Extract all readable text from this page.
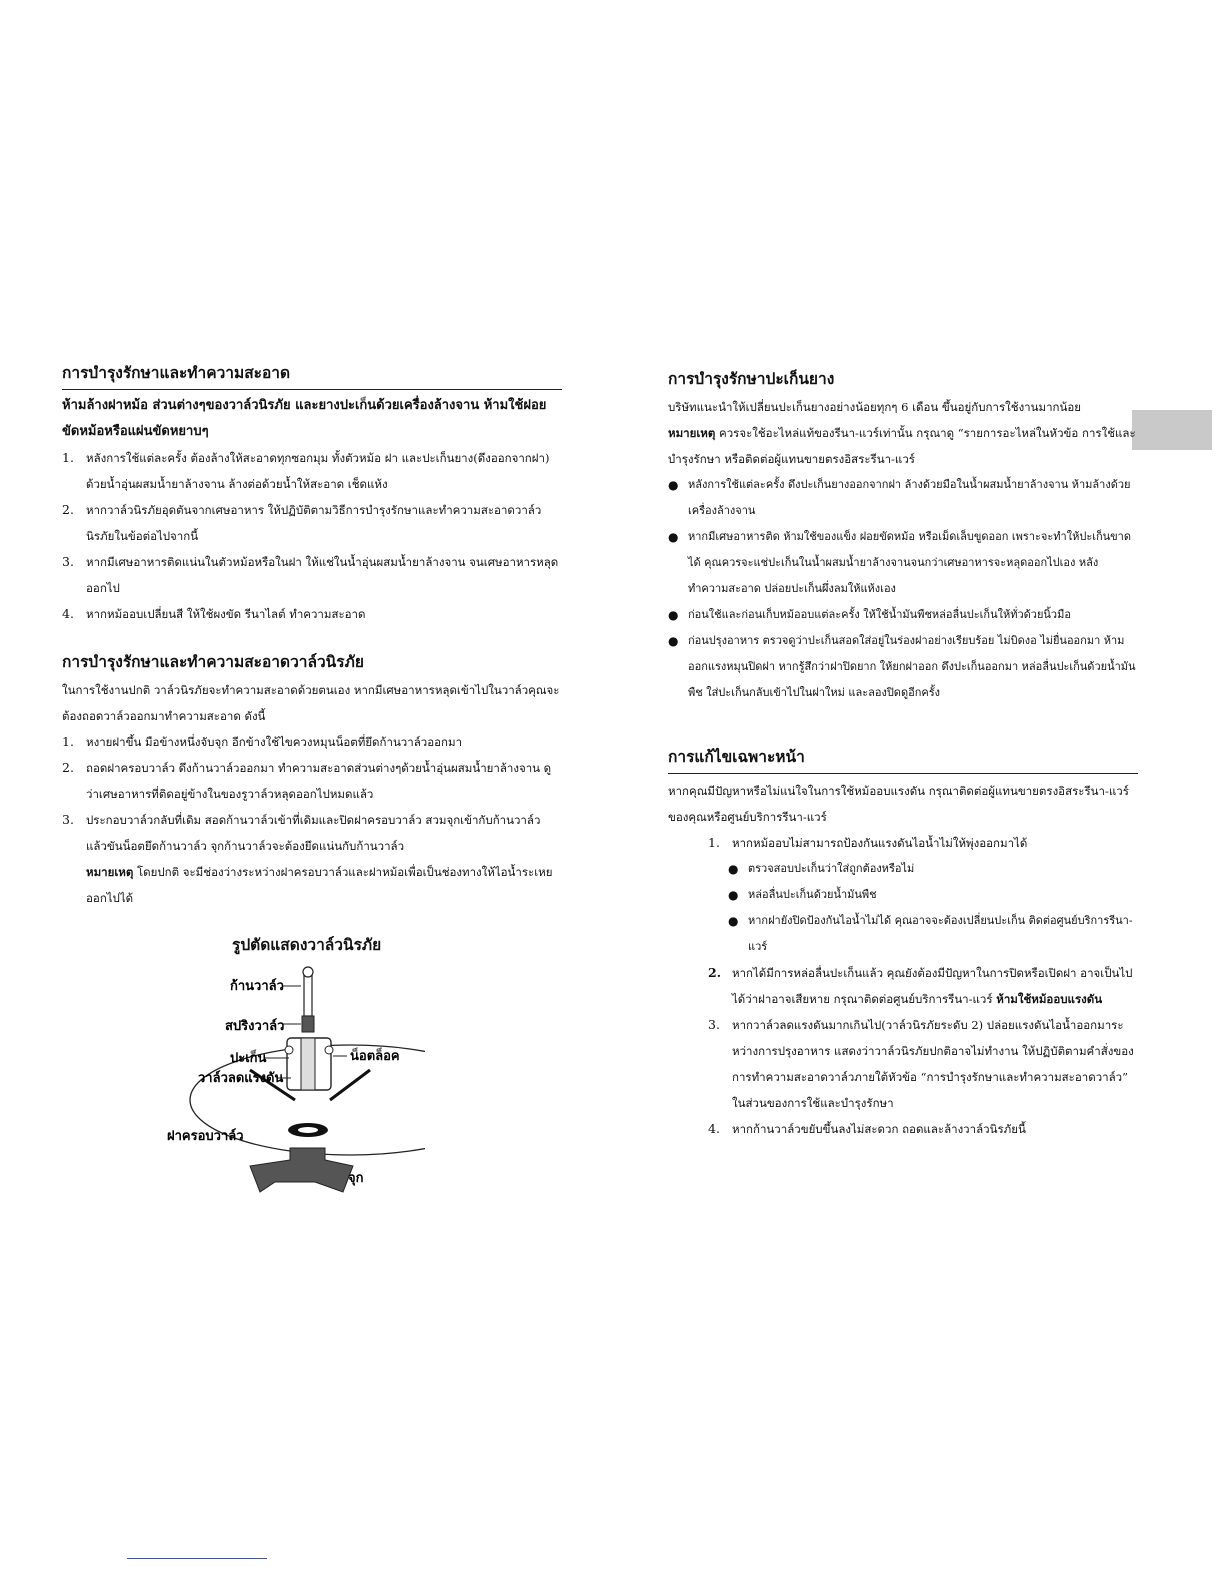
การบำรุงรักษาและทำความสะอาด
ห้ามล้างฝาหม้อ ส่วนต่างๆของวาล์วนิรภัย และยางปะเก็นด้วยเครื่องล้างจาน ห้ามใช้ฝอยขัดหม้อหรือแผ่นขัดหยาบๆ
1.	หลังการใช้แต่ละครั้ง ต้องล้างให้สะอาดทุกซอกมุม ทั้งตัวหม้อ ฝา และปะเก็นยาง(ดึงออกจากฝา) ด้วยน้ำอุ่นผสมน้ำยาล้างจาน ล้างต่อด้วยน้ำให้สะอาด เช็ดแห้ง
2.	หากวาล์วนิรภัยอุดตันจากเศษอาหาร ให้ปฏิบัติตามวิธีการบำรุงรักษาและทำความสะอาดวาล์วนิรภัยในข้อต่อไปจากนี้
3.	หากมีเศษอาหารติดแน่นในตัวหม้อหรือในฝา ให้แช่ในน้ำอุ่นผสมน้ำยาล้างจาน จนเศษอาหารหลุดออกไป
4.	หากหม้ออบเปลี่ยนสี ให้ใช้ผงขัด รีนาไลต์ ทำความสะอาด
การบำรุงรักษาและทำความสะอาดวาล์วนิรภัย

ในการใช้งานปกติ วาล์วนิรภัยจะทำความสะอาดด้วยตนเอง หากมีเศษอาหารหลุดเข้าไปในวาล์วคุณจะต้องถอดวาล์วออกมาทำความสะอาด ดังนี้

1.	หงายฝาขึ้น มือข้างหนึ่งจับจุก อีกข้างใช้ไขควงหมุนน็อตที่ยึดก้านวาล์วออกมา
2.	ถอดฝาครอบวาล์ว ดึงก้านวาล์วออกมา ทำความสะอาดส่วนต่างๆด้วยน้ำอุ่นผสมน้ำยาล้างจาน ดูว่าเศษอาหารที่ติดอยู่ข้างในของรูวาล์วหลุดออกไปหมดแล้ว
3.	ประกอบวาล์วกลับที่เดิม สอดก้านวาล์วเข้าที่เดิมและปิดฝาครอบวาล์ว สวมจุกเข้ากับก้านวาล์ว แล้วขันน็อตยึดก้านวาล์ว จุกก้านวาล์วจะต้องยึดแน่นกับก้านวาล์ว

หมายเหตุ โดยปกติ จะมีช่องว่างระหว่างฝาครอบวาล์วและฝาหม้อเพื่อเป็นช่องทางให้ไอน้ำระเหยออกไปได้

รูปตัดแสดงวาล์วนิรภัย
ก้านวาล์ว
สปริงวาล์ว
ปะเก็น
วาล์วลดแรงดัน
น็อตล็อค
ฝาครอบวาล์ว
จุก
การบำรุงรักษาปะเก็นยาง

บริษัทแนะนำให้เปลี่ยนปะเก็นยางอย่างน้อยทุกๆ 6 เดือน ขึ้นอยู่กับการใช้งานมากน้อย

หมายเหตุ ควรจะใช้อะไหล่แท้ของรีนา-แวร์เท่านั้น กรุณาดู “รายการอะไหล่ในหัวข้อ การใช้และบำรุงรักษา หรือติดต่อผู้แทนขายตรงอิสระรีนา-แวร์

● หลังการใช้แต่ละครั้ง ดึงปะเก็นยางออกจากฝา ล้างด้วยมือในน้ำผสมน้ำยาล้างจาน ห้ามล้างด้วยเครื่องล้างจาน
● หากมีเศษอาหารติด ห้ามใช้ของแข็ง ฝอยขัดหม้อ หรือเม็ดเล็บขูดออก เพราะจะทำให้ปะเก็นขาดได้ คุณควรจะแช่ปะเก็นในน้ำผสมน้ำยาล้างจานจนกว่าเศษอาหารจะหลุดออกไปเอง หลังทำความสะอาด ปล่อยปะเก็นผึ่งลมให้แห้งเอง
● ก่อนใช้และก่อนเก็บหม้ออบแต่ละครั้ง ให้ใช้น้ำมันพืชหล่อลื่นปะเก็นให้ทั่วด้วยนิ้วมือ
● ก่อนปรุงอาหาร ตรวจดูว่าปะเก็นสอดใส่อยู่ในร่องฝาอย่างเรียบร้อย ไม่บิดงอ ไม่ยื่นออกมา ห้ามออกแรงหมุนปิดฝา หากรู้สึกว่าฝาปิดยาก ให้ยกฝาออก ดึงปะเก็นออกมา หล่อลื่นปะเก็นด้วยน้ำมันพืช ใส่ปะเก็นกลับเข้าไปในฝาใหม่ และลองปิดดูอีกครั้ง
การแก้ไขเฉพาะหน้า

หากคุณมีปัญหาหรือไม่แน่ใจในการใช้หม้ออบแรงดัน กรุณาติดต่อผู้แทนขายตรงอิสระรีนา-แวร์ของคุณหรือศูนย์บริการรีนา-แวร์

1.	หากหม้ออบไม่สามารถป้องกันแรงดันไอน้ำไม่ให้พุ่งออกมาได้
● ตรวจสอบปะเก็นว่าใส่ถูกต้องหรือไม่
● หล่อลื่นปะเก็นด้วยน้ำมันพืช
● หากฝายังปิดป้องกันไอน้ำไม่ได้ คุณอาจจะต้องเปลี่ยนปะเก็น ติดต่อศูนย์บริการรีนา-แวร์
2. หากได้มีการหล่อลื่นปะเก็นแล้ว คุณยังต้องมีปัญหาในการปิดหรือเปิดฝา อาจเป็นไปได้ว่าฝาอาจเสียหาย กรุณาติดต่อศูนย์บริการรีนา-แวร์ ห้ามใช้หม้ออบแรงดัน
3.	หากวาล์วลดแรงดันมากเกินไป(วาล์วนิรภัยระดับ 2) ปล่อยแรงดันไอน้ำออกมาระหว่างการปรุงอาหาร แสดงว่าวาล์วนิรภัยปกติอาจไม่ทำงาน ให้ปฏิบัติตามคำสั่งของการทำความสะอาดวาล์วภายใต้หัวข้อ “การบำรุงรักษาและทำความสะอาดวาล์ว” ในส่วนของการใช้และบำรุงรักษา
4.	หากก้านวาล์วขยับขึ้นลงไม่สะดวก ถอดและล้างวาล์วนิรภัยนี้
